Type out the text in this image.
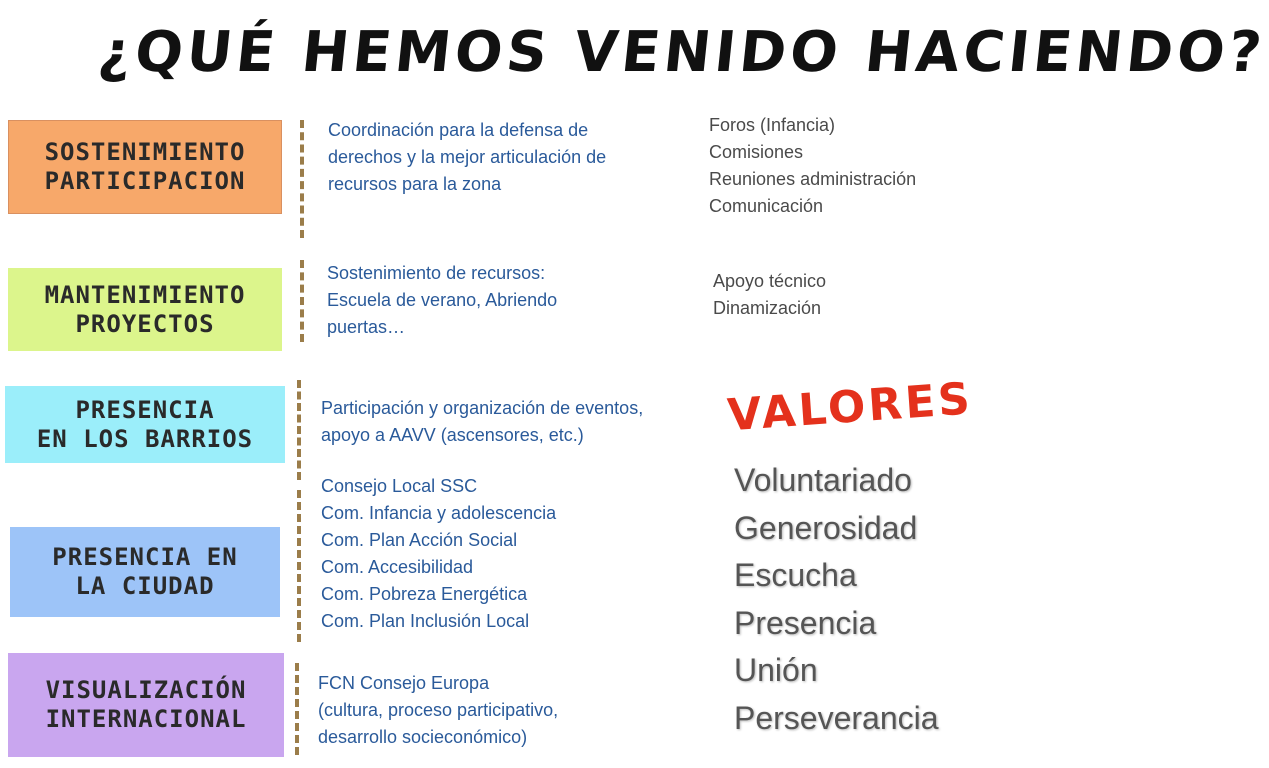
¿QUÉ HEMOS VENIDO HACIENDO?
SOSTENIMIENTO
PARTICIPACION
Coordinación para la defensa de
derechos y la mejor articulación de
recursos para la zona
Foros (Infancia)
Comisiones
Reuniones administración
Comunicación
MANTENIMIENTO
PROYECTOS
Sostenimiento de recursos:
Escuela de verano, Abriendo
puertas…
Apoyo técnico
Dinamización
PRESENCIA
EN LOS BARRIOS
Participación y organización de eventos,
apoyo a AAVV (ascensores, etc.)
PRESENCIA EN
LA CIUDAD
Consejo Local SSC
Com. Infancia y adolescencia
Com. Plan Acción Social
Com. Accesibilidad
Com. Pobreza Energética
Com. Plan Inclusión Local
VISUALIZACIÓN
INTERNACIONAL
FCN Consejo Europa
(cultura, proceso participativo,
desarrollo socieconómico)
VALORES
Voluntariado
Generosidad
Escucha
Presencia
Unión
Perseverancia
